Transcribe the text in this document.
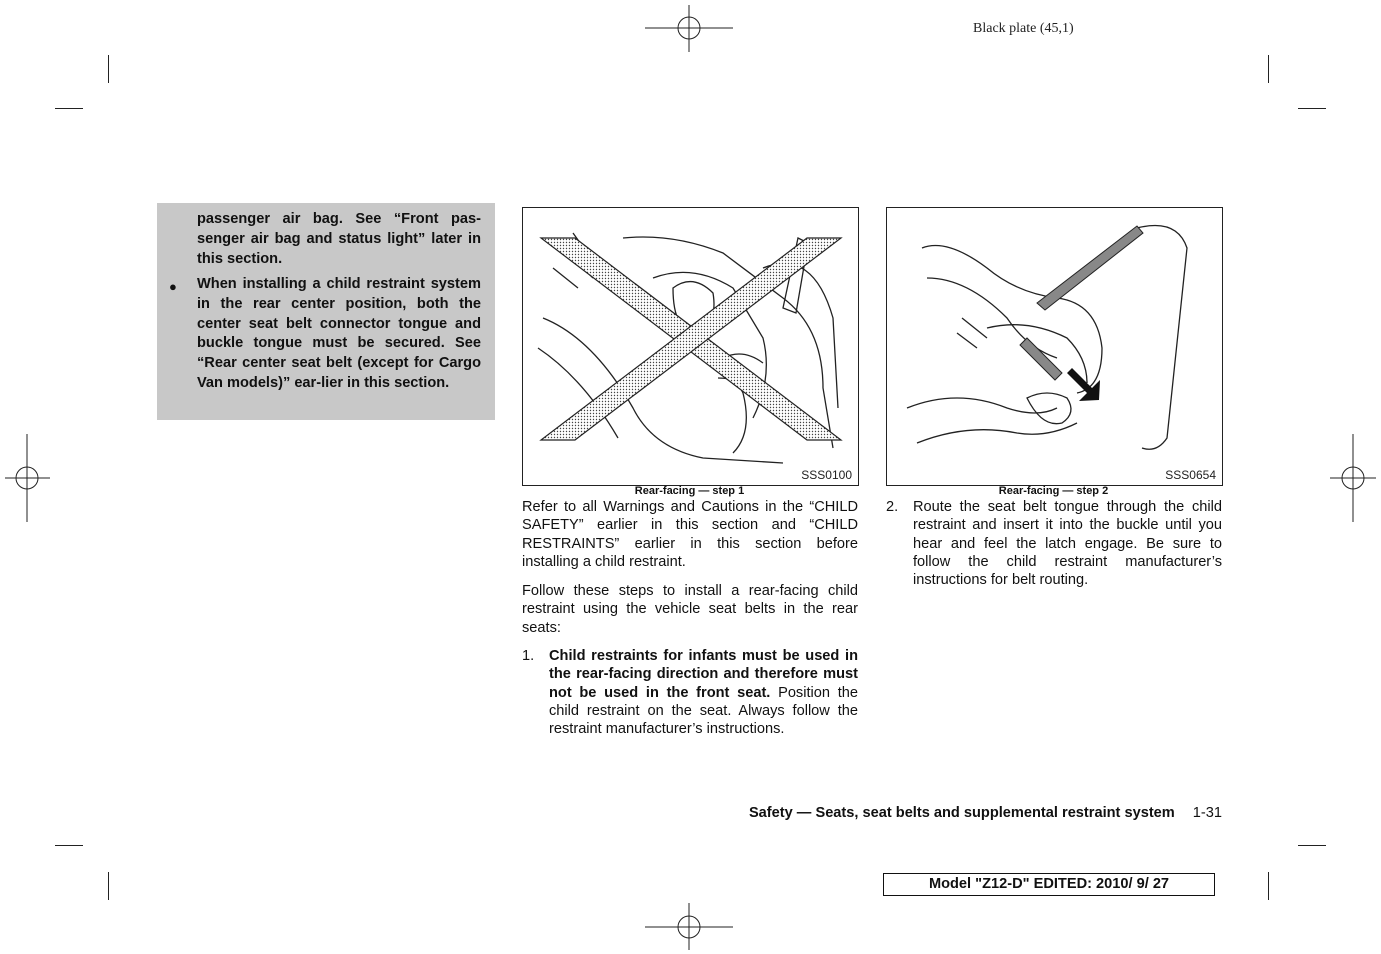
Black plate (45,1)
passenger air bag. See “Front pas-senger air bag and status light” later in this section.
● When installing a child restraint system in the rear center position, both the center seat belt connector tongue and buckle tongue must be secured. See “Rear center seat belt (except for Cargo Van models)” ear-lier in this section.
SSS0100
Rear-facing — step 1
SSS0654
Rear-facing — step 2
Refer to all Warnings and Cautions in the “CHILD SAFETY” earlier in this section and “CHILD RESTRAINTS” earlier in this section before installing a child restraint.
Follow these steps to install a rear-facing child restraint using the vehicle seat belts in the rear seats:
1. Child restraints for infants must be used in the rear-facing direction and therefore must not be used in the front seat. Position the child restraint on the seat. Always follow the restraint manufacturer’s instructions.
2. Route the seat belt tongue through the child restraint and insert it into the buckle until you hear and feel the latch engage. Be sure to follow the child restraint manufacturer’s instructions for belt routing.
Safety — Seats, seat belts and supplemental restraint system 1-31
Model "Z12-D" EDITED: 2010/ 9/ 27
